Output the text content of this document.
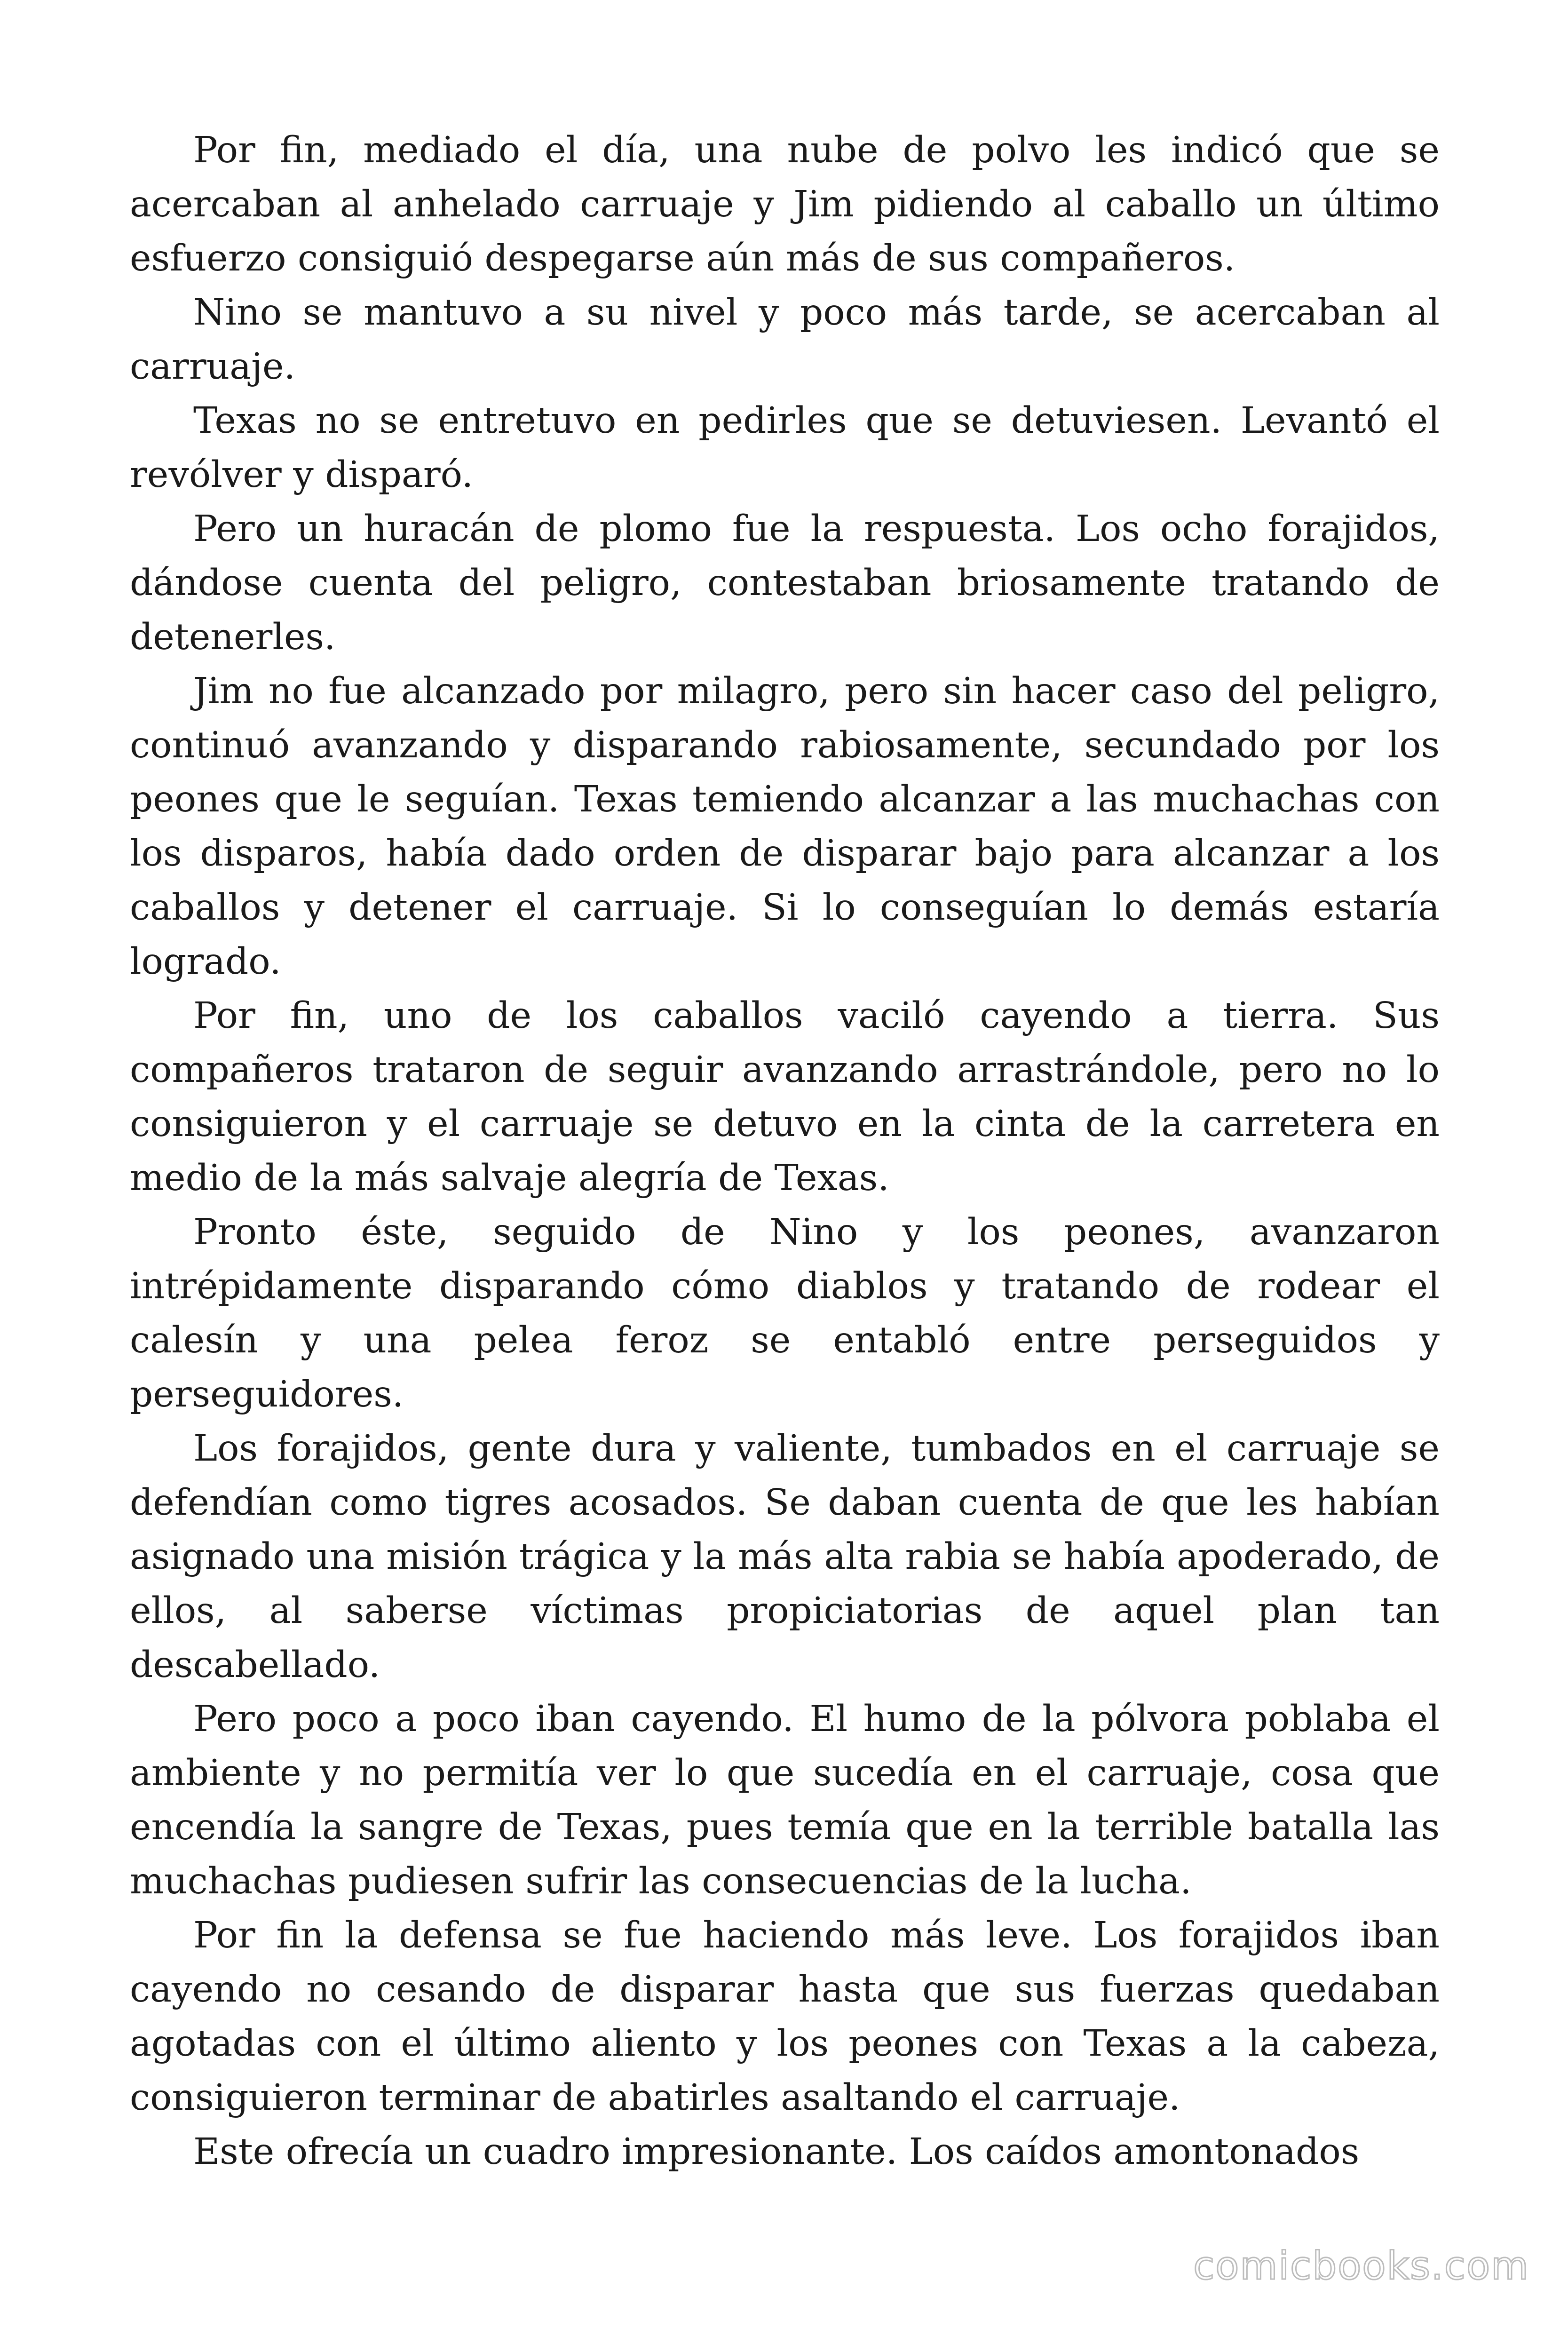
Por fin, mediado el día, una nube de polvo les indicó que se acercaban al anhelado carruaje y Jim pidiendo al caballo un último esfuerzo consiguió despegarse aún más de sus compañeros.

Nino se mantuvo a su nivel y poco más tarde, se acercaban al carruaje.

Texas no se entretuvo en pedirles que se detuviesen. Levantó el revólver y disparó.

Pero un huracán de plomo fue la respuesta. Los ocho forajidos, dándose cuenta del peligro, contestaban briosamente tratando de detenerles.

Jim no fue alcanzado por milagro, pero sin hacer caso del peligro, continuó avanzando y disparando rabiosamente, secundado por los peones que le seguían. Texas temiendo alcanzar a las muchachas con los disparos, había dado orden de disparar bajo para alcanzar a los caballos y detener el carruaje. Si lo conseguían lo demás estaría logrado.

Por fin, uno de los caballos vaciló cayendo a tierra. Sus compañeros trataron de seguir avanzando arrastrándole, pero no lo consiguieron y el carruaje se detuvo en la cinta de la carretera en medio de la más salvaje alegría de Texas.

Pronto éste, seguido de Nino y los peones, avanzaron intrépidamente disparando cómo diablos y tratando de rodear el calesín y una pelea feroz se entabló entre perseguidos y perseguidores.

Los forajidos, gente dura y valiente, tumbados en el carruaje se defendían como tigres acosados. Se daban cuenta de que les habían asignado una misión trágica y la más alta rabia se había apoderado, de ellos, al saberse víctimas propiciatorias de aquel plan tan descabellado.

Pero poco a poco iban cayendo. El humo de la pólvora poblaba el ambiente y no permitía ver lo que sucedía en el carruaje, cosa que encendía la sangre de Texas, pues temía que en la terrible batalla las muchachas pudiesen sufrir las consecuencias de la lucha.

Por fin la defensa se fue haciendo más leve. Los forajidos iban cayendo no cesando de disparar hasta que sus fuerzas quedaban agotadas con el último aliento y los peones con Texas a la cabeza, consiguieron terminar de abatirles asaltando el carruaje.

Este ofrecía un cuadro impresionante. Los caídos amontonados

comicbooks.com
